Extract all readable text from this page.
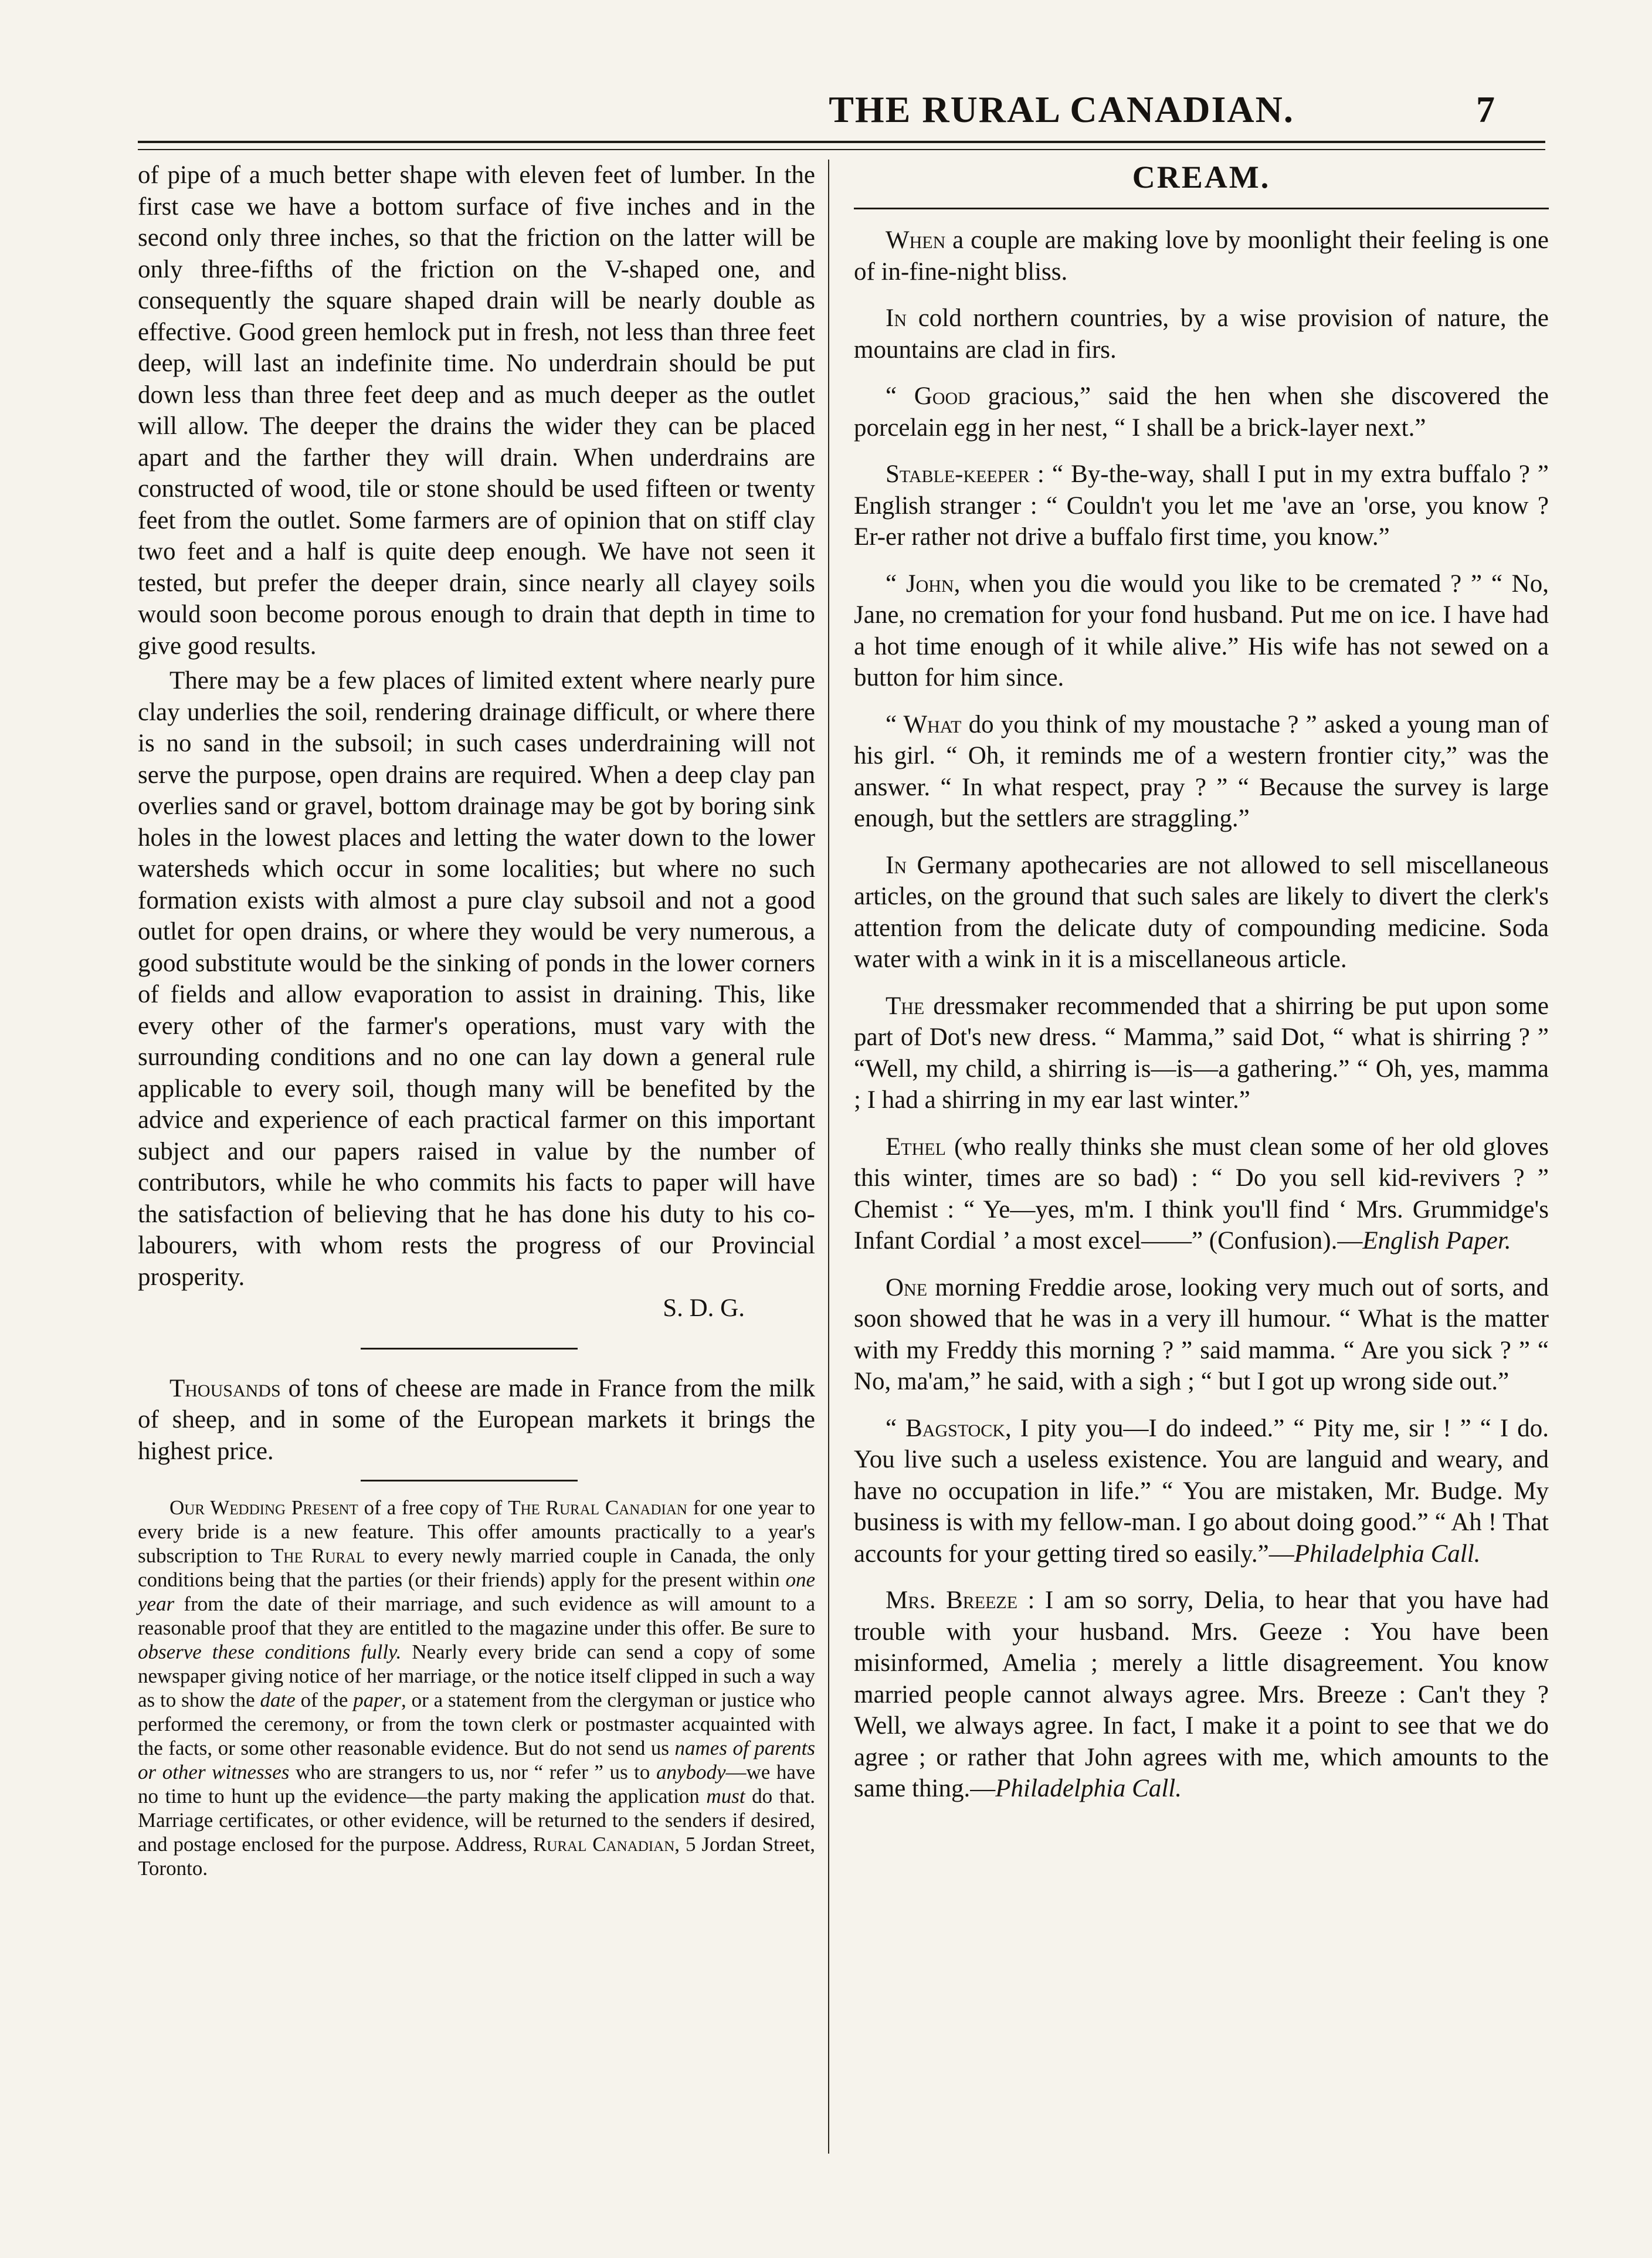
THE RURAL CANADIAN.	7

of pipe of a much better shape with eleven feet of lumber. In the first case we have a bottom surface of five inches and in the second only three inches, so that the friction on the latter will be only three-fifths of the friction on the V-shaped one, and consequently the square shaped drain will be nearly double as effective. Good green hemlock put in fresh, not less than three feet deep, will last an indefinite time. No underdrain should be put down less than three feet deep and as much deeper as the outlet will allow. The deeper the drains the wider they can be placed apart and the farther they will drain. When underdrains are constructed of wood, tile or stone should be used fifteen or twenty feet from the outlet. Some farmers are of opinion that on stiff clay two feet and a half is quite deep enough. We have not seen it tested, but prefer the deeper drain, since nearly all clayey soils would soon become porous enough to drain that depth in time to give good results.

There may be a few places of limited extent where nearly pure clay underlies the soil, rendering drainage difficult, or where there is no sand in the subsoil; in such cases underdraining will not serve the purpose, open drains are required. When a deep clay pan overlies sand or gravel, bottom drainage may be got by boring sink holes in the lowest places and letting the water down to the lower watersheds which occur in some localities; but where no such formation exists with almost a pure clay subsoil and not a good outlet for open drains, or where they would be very numerous, a good substitute would be the sinking of ponds in the lower corners of fields and allow evaporation to assist in draining. This, like every other of the farmer's operations, must vary with the surrounding conditions and no one can lay down a general rule applicable to every soil, though many will be benefited by the advice and experience of each practical farmer on this important subject and our papers raised in value by the number of contributors, while he who commits his facts to paper will have the satisfaction of believing that he has done his duty to his co-labourers, with whom rests the progress of our Provincial prosperity.

S. D. G.

Thousands of tons of cheese are made in France from the milk of sheep, and in some of the European markets it brings the highest price.

Our Wedding Present of a free copy of The Rural Canadian for one year to every bride is a new feature. This offer amounts practically to a year's subscription to The Rural to every newly married couple in Canada, the only conditions being that the parties (or their friends) apply for the present within one year from the date of their marriage, and such evidence as will amount to a reasonable proof that they are entitled to the magazine under this offer. Be sure to observe these conditions fully. Nearly every bride can send a copy of some newspaper giving notice of her marriage, or the notice itself clipped in such a way as to show the date of the paper, or a statement from the clergyman or justice who performed the ceremony, or from the town clerk or postmaster acquainted with the facts, or some other reasonable evidence. But do not send us names of parents or other witnesses who are strangers to us, nor “ refer ” us to anybody—we have no time to hunt up the evidence—the party making the application must do that. Marriage certificates, or other evidence, will be returned to the senders if desired, and postage enclosed for the purpose. Address, Rural Canadian, 5 Jordan Street, Toronto.

CREAM.

When a couple are making love by moonlight their feeling is one of in-fine-night bliss.

In cold northern countries, by a wise provision of nature, the mountains are clad in firs.

“ Good gracious,” said the hen when she discovered the porcelain egg in her nest, “ I shall be a brick-layer next.”

Stable-keeper : “ By-the-way, shall I put in my extra buffalo ? ” English stranger : “ Couldn't you let me 'ave an 'orse, you know ? Er-er rather not drive a buffalo first time, you know.”

“ John, when you die would you like to be cremated ? ” “ No, Jane, no cremation for your fond husband. Put me on ice. I have had a hot time enough of it while alive.” His wife has not sewed on a button for him since.

“ What do you think of my moustache ? ” asked a young man of his girl. “ Oh, it reminds me of a western frontier city,” was the answer. “ In what respect, pray ? ” “ Because the survey is large enough, but the settlers are straggling.”

In Germany apothecaries are not allowed to sell miscellaneous articles, on the ground that such sales are likely to divert the clerk's attention from the delicate duty of compounding medicine. Soda water with a wink in it is a miscellaneous article.

The dressmaker recommended that a shirring be put upon some part of Dot's new dress. “ Mamma,” said Dot, “ what is shirring ? ” “Well, my child, a shirring is—is—a gathering.” “ Oh, yes, mamma ; I had a shirring in my ear last winter.”

Ethel (who really thinks she must clean some of her old gloves this winter, times are so bad) : “ Do you sell kid-revivers ? ” Chemist : “ Ye—yes, m'm. I think you'll find ‘ Mrs. Grummidge's Infant Cordial ’ a most excel——” (Confusion).—English Paper.

One morning Freddie arose, looking very much out of sorts, and soon showed that he was in a very ill humour. “ What is the matter with my Freddy this morning ? ” said mamma. “ Are you sick ? ” “ No, ma'am,” he said, with a sigh ; “ but I got up wrong side out.”

“ Bagstock, I pity you—I do indeed.” “ Pity me, sir ! ” “ I do. You live such a useless existence. You are languid and weary, and have no occupation in life.” “ You are mistaken, Mr. Budge. My business is with my fellow-man. I go about doing good.” “ Ah ! That accounts for your getting tired so easily.”—Philadelphia Call.

Mrs. Breeze : I am so sorry, Delia, to hear that you have had trouble with your husband. Mrs. Geeze : You have been misinformed, Amelia ; merely a little disagreement. You know married people cannot always agree. Mrs. Breeze : Can't they ? Well, we always agree. In fact, I make it a point to see that we do agree ; or rather that John agrees with me, which amounts to the same thing.—Philadelphia Call.
